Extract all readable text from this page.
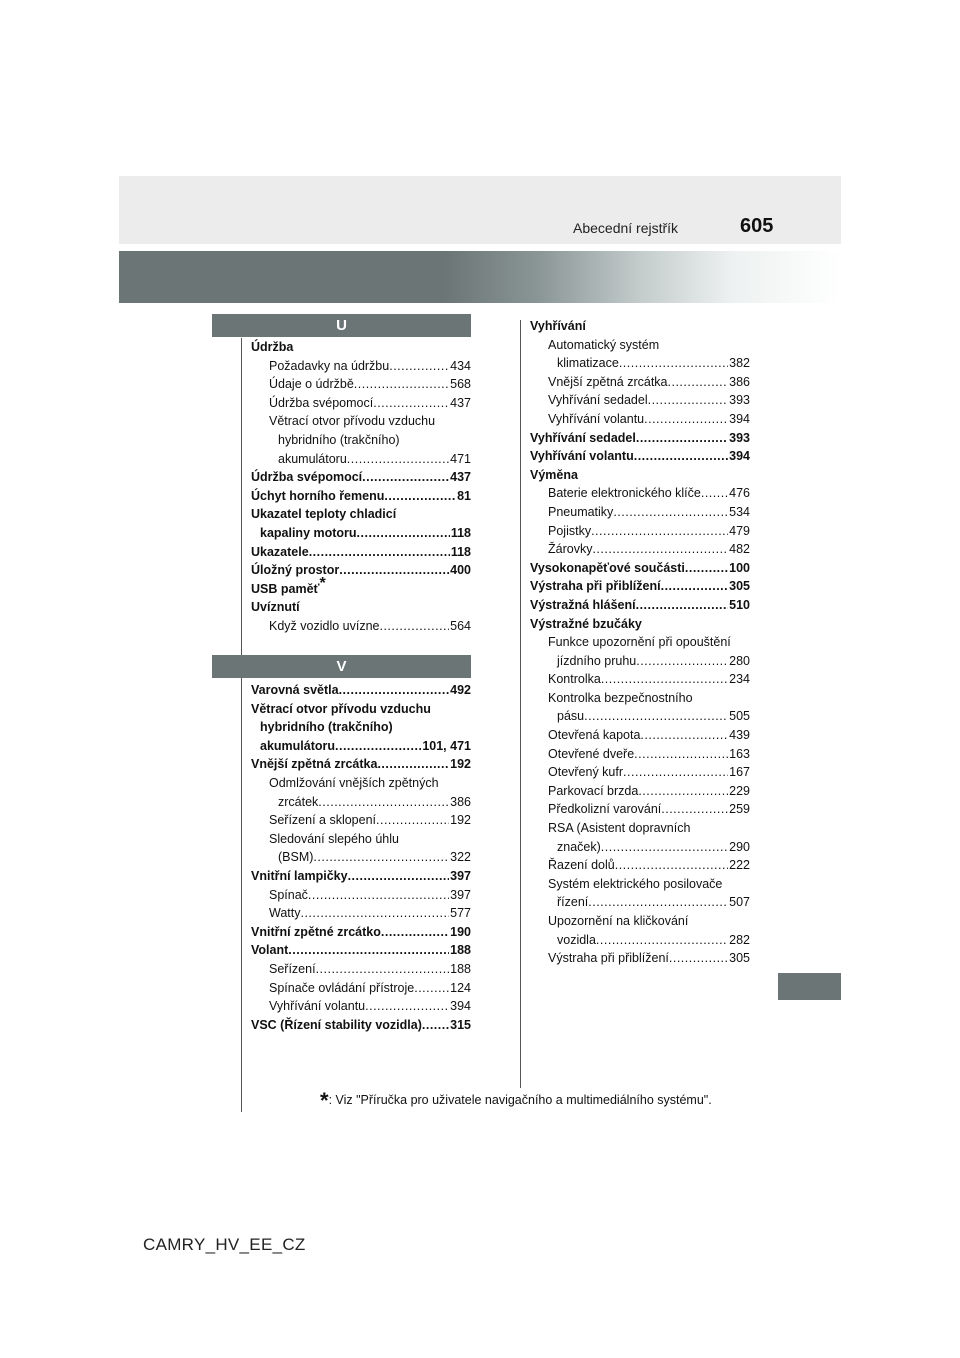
Abecední rejstřík	605
U
Údržba
Požadavky na údržbu .....	434
Údaje o údržbě .....	568
Údržba svépomocí .....	437
Větrací otvor přívodu vzduchu
hybridního (trakčního)
akumulátoru .....	471
Údržba svépomocí .....	437
Úchyt horního řemenu .....	81
Ukazatel teploty chladicí
kapaliny motoru .....	118
Ukazatele .....	118
Úložný prostor .....	400
USB paměť*
Uvíznutí
Když vozidlo uvízne .....	564
V
Varovná světla .....	492
Větrací otvor přívodu vzduchu
hybridního (trakčního)
akumulátoru .....	101, 471
Vnější zpětná zrcátka .....	192
Odmlžování vnějších zpětných
zrcátek .....	386
Seřízení a sklopení .....	192
Sledování slepého úhlu
(BSM) .....	322
Vnitřní lampičky .....	397
Spínač .....	397
Watty .....	577
Vnitřní zpětné zrcátko .....	190
Volant .....	188
Seřízení .....	188
Spínače ovládání přístroje .....	124
Vyhřívání volantu .....	394
VSC (Řízení stability vozidla) ..... 315
Vyhřívání
Automatický systém
klimatizace .....	382
Vnější zpětná zrcátka .....	386
Vyhřívání sedadel .....	393
Vyhřívání volantu .....	394
Vyhřívání sedadel .....	393
Vyhřívání volantu .....	394
Výměna
Baterie elektronického klíče ..... 476
Pneumatiky .....	534
Pojistky .....	479
Žárovky .....	482
Vysokonapěťové součásti .....	100
Výstraha při přiblížení .....	305
Výstražná hlášení .....	510
Výstražné bzučáky
Funkce upozornění při opouštění
jízdního pruhu .....	280
Kontrolka .....	234
Kontrolka bezpečnostního
pásu .....	505
Otevřená kapota .....	439
Otevřené dveře .....	163
Otevřený kufr .....	167
Parkovací brzda .....	229
Předkolizní varování .....	259
RSA (Asistent dopravních
značek) .....	290
Řazení dolů .....	222
Systém elektrického posilovače
řízení .....	507
Upozornění na kličkování
vozidla .....	282
Výstraha při přiblížení .....	305
*: Viz "Příručka pro uživatele navigačního a multimediálního systému".
CAMRY_HV_EE_CZ
